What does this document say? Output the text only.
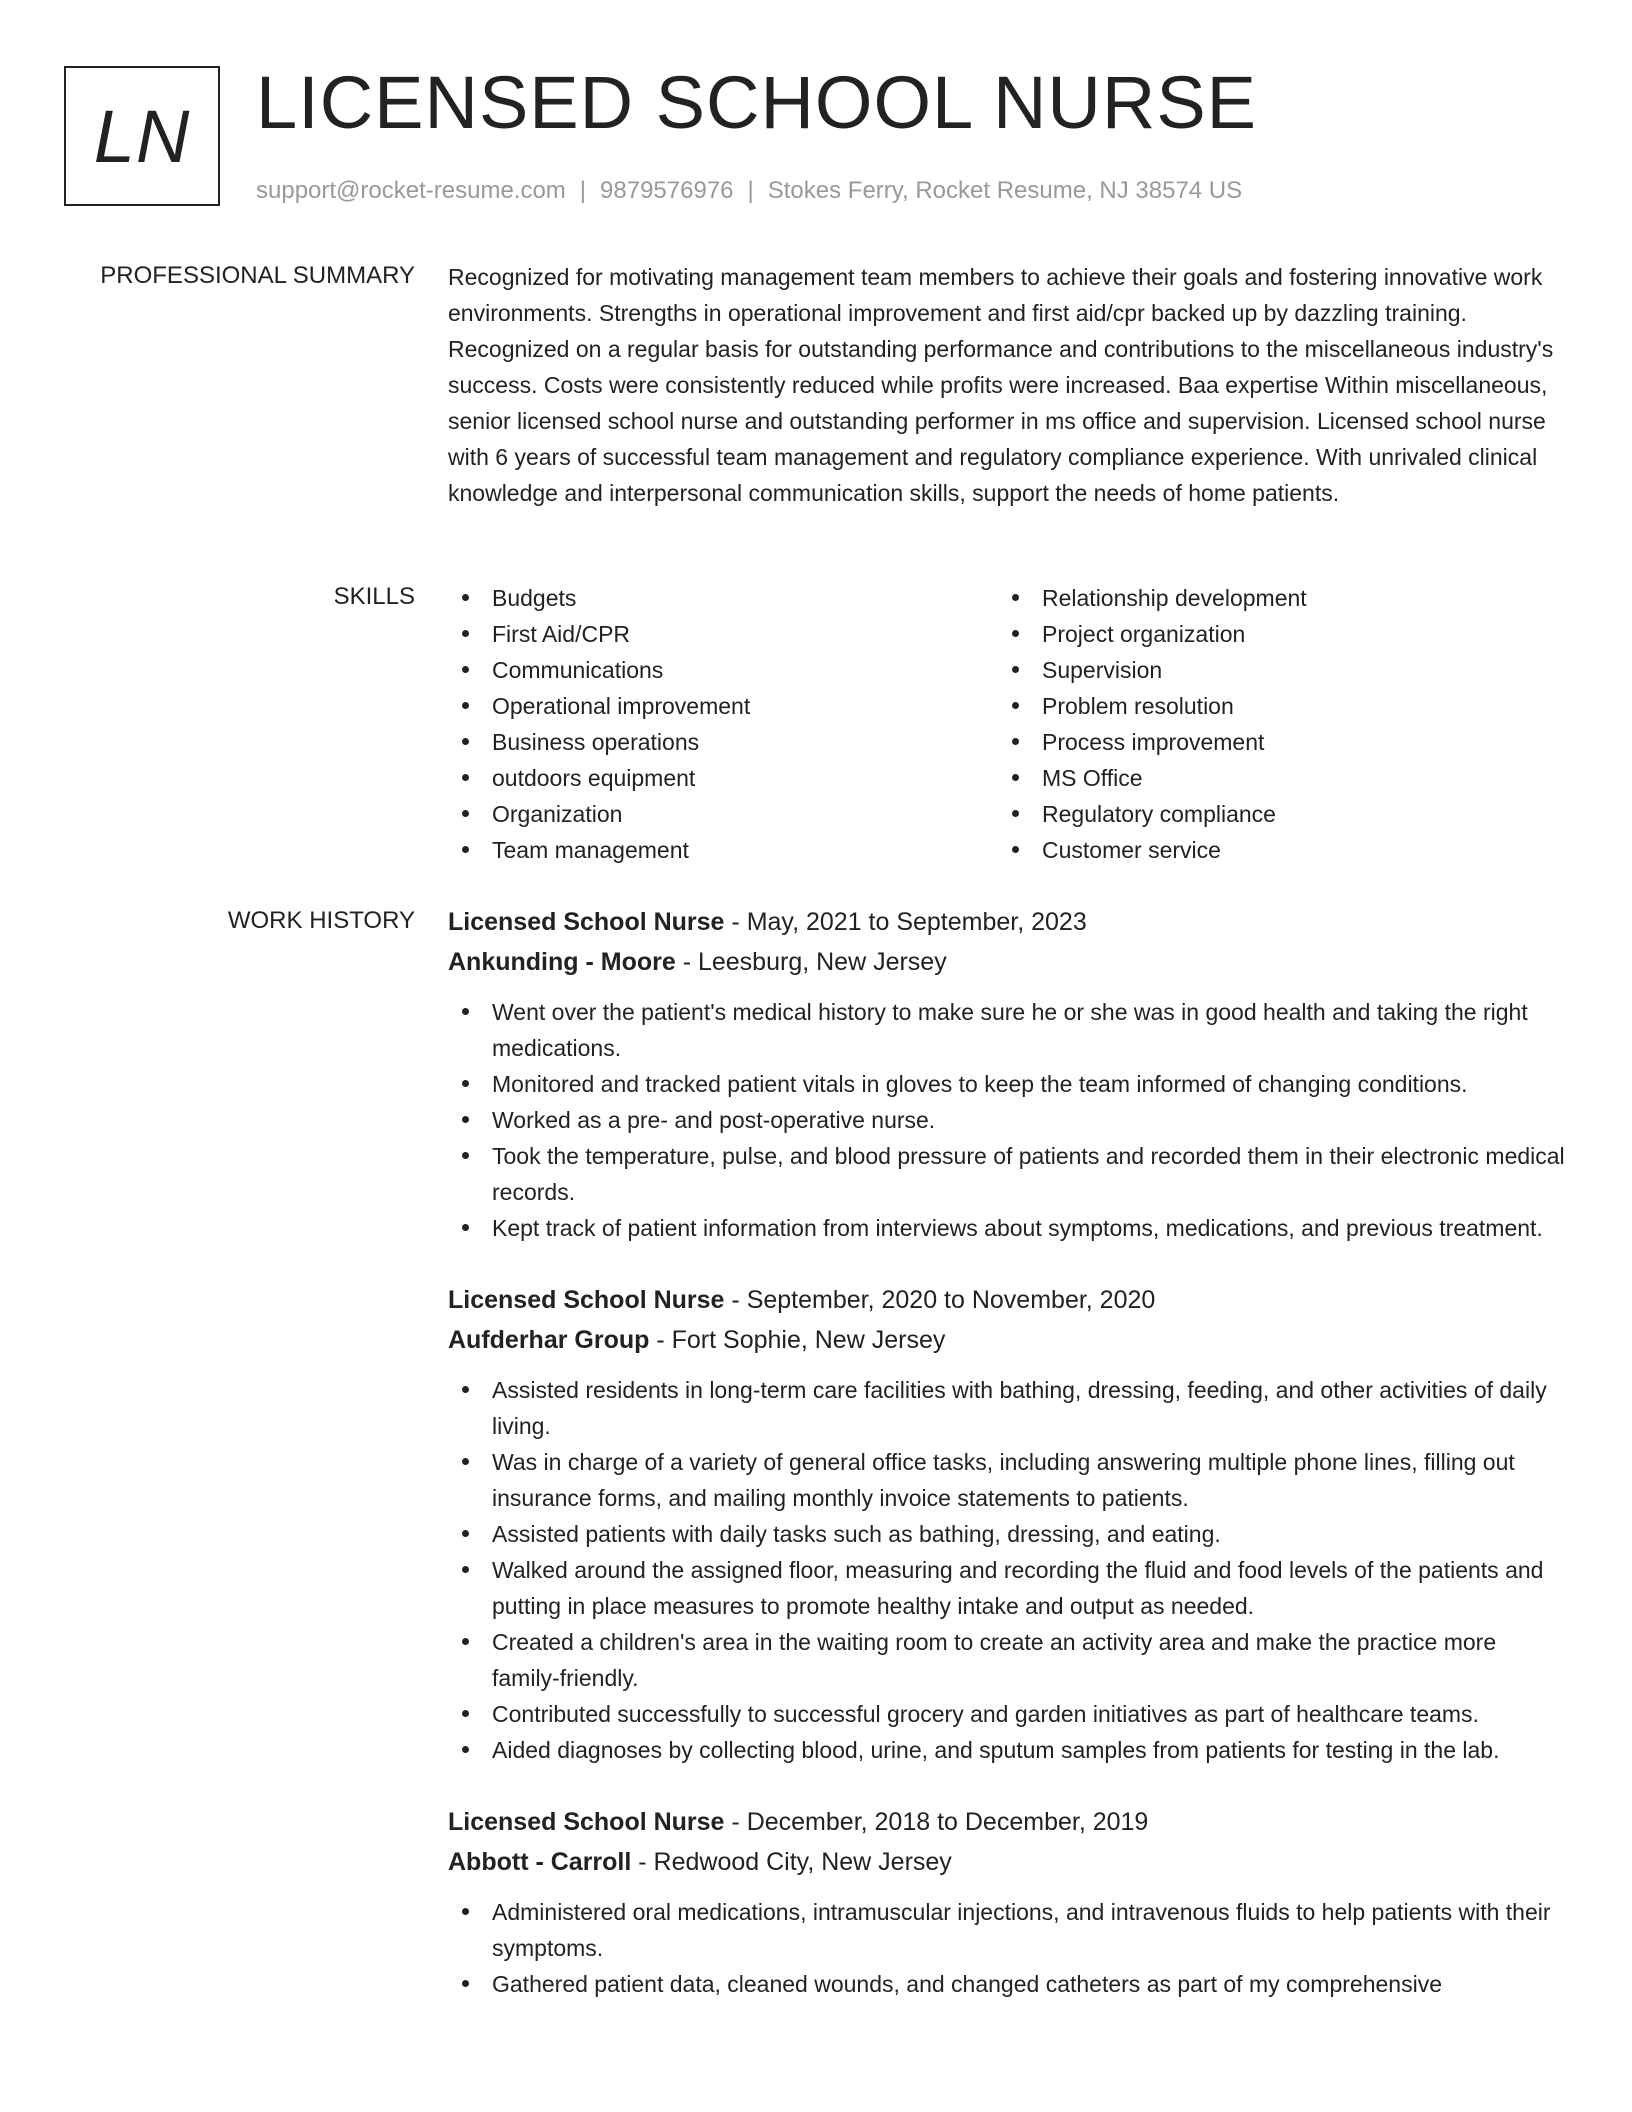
LN LICENSED SCHOOL NURSE
support@rocket-resume.com | 9879576976 | Stokes Ferry, Rocket Resume, NJ 38574 US
PROFESSIONAL SUMMARY Recognized for motivating management team members to achieve their goals and fostering innovative work environments. Strengths in operational improvement and first aid/cpr backed up by dazzling training. Recognized on a regular basis for outstanding performance and contributions to the miscellaneous industry's success. Costs were consistently reduced while profits were increased. Baa expertise Within miscellaneous, senior licensed school nurse and outstanding performer in ms office and supervision. Licensed school nurse with 6 years of successful team management and regulatory compliance experience. With unrivaled clinical knowledge and interpersonal communication skills, support the needs of home patients.

SKILLS	Budgets
First Aid/CPR
Communications
Operational improvement
Business operations
outdoors equipment
Organization
Team management
Relationship development
Project organization
Supervision
Problem resolution
Process improvement
MS Office
Regulatory compliance
Customer service
WORK HISTORY Licensed School Nurse - May, 2021 to September, 2023
Ankunding - Moore - Leesburg, New Jersey
Went over the patient's medical history to make sure he or she was in good health and taking the right medications.
Monitored and tracked patient vitals in gloves to keep the team informed of changing conditions.
Worked as a pre- and post-operative nurse.
Took the temperature, pulse, and blood pressure of patients and recorded them in their electronic medical records.
Kept track of patient information from interviews about symptoms, medications, and previous treatment.
Licensed School Nurse - September, 2020 to November, 2020
Aufderhar Group - Fort Sophie, New Jersey
Assisted residents in long-term care facilities with bathing, dressing, feeding, and other activities of daily living.
Was in charge of a variety of general office tasks, including answering multiple phone lines, filling out insurance forms, and mailing monthly invoice statements to patients.
Assisted patients with daily tasks such as bathing, dressing, and eating.
Walked around the assigned floor, measuring and recording the fluid and food levels of the patients and putting in place measures to promote healthy intake and output as needed.
Created a children's area in the waiting room to create an activity area and make the practice more family-friendly.
Contributed successfully to successful grocery and garden initiatives as part of healthcare teams.
Aided diagnoses by collecting blood, urine, and sputum samples from patients for testing in the lab.
Licensed School Nurse - December, 2018 to December, 2019
Abbott - Carroll - Redwood City, New Jersey
Administered oral medications, intramuscular injections, and intravenous fluids to help patients with their symptoms.
Gathered patient data, cleaned wounds, and changed catheters as part of my comprehensive
